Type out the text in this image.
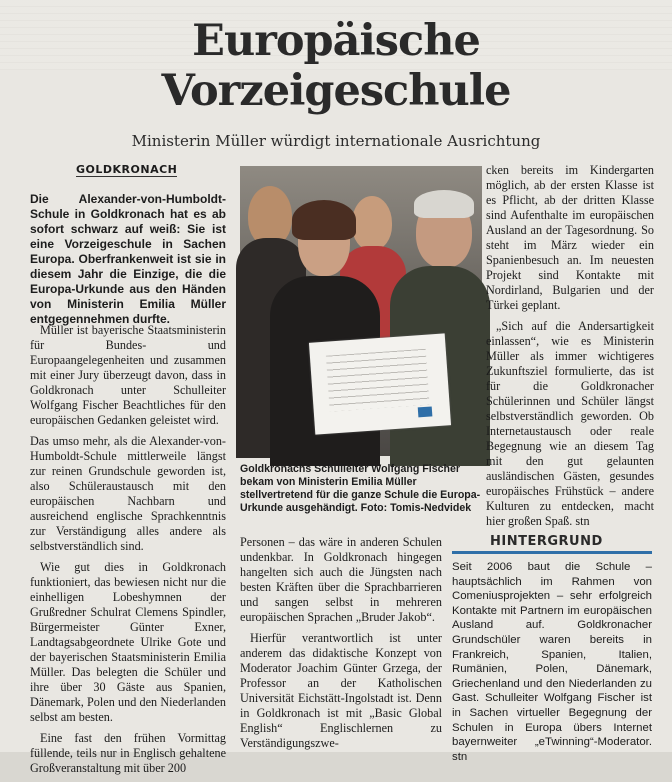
Europäische
Vorzeigeschule
Ministerin Müller würdigt internationale Ausrichtung
GOLDKRONACH
Die Alexander-von-Humboldt-Schule in Goldkronach hat es ab sofort schwarz auf weiß: Sie ist eine Vorzeigeschule in Sachen Europa. Oberfrankenweit ist sie in diesem Jahr die Einzige, die die Europa-Urkunde aus den Händen von Ministerin Emilia Müller entgegennehmen durfte.

Müller ist bayerische Staatsministerin für Bundes- und Europaangelegenheiten und zusammen mit einer Jury überzeugt davon, dass in Goldkronach unter Schulleiter Wolfgang Fischer Beachtliches für den europäischen Gedanken geleistet wird.

Das umso mehr, als die Alexander-von-Humboldt-Schule mittlerweile längst zur reinen Grundschule geworden ist, also Schüleraustausch mit den europäischen Nachbarn und ausreichend englische Sprachkenntnis zur Verständigung alles andere als selbstverständlich sind.

Wie gut dies in Goldkronach funktioniert, das bewiesen nicht nur die einhelligen Lobeshymnen der Grußredner Schulrat Clemens Spindler, Bürgermeister Günter Exner, Landtagsabgeordnete Ulrike Gote und der bayerischen Staatsministerin Emilia Müller. Das belegten die Schüler und ihre über 30 Gäste aus Spanien, Dänemark, Polen und den Niederlanden selbst am besten.

Eine fast den frühen Vormittag füllende, teils nur in Englisch gehaltene Großveranstaltung mit über 200

Goldkronachs Schulleiter Wolfgang Fischer bekam von Ministerin Emilia Müller stellvertretend für die ganze Schule die Europa-Urkunde ausgehändigt. Foto: Tomis-Nedvidek

Personen – das wäre in anderen Schulen undenkbar. In Goldkronach hingegen hangelten sich auch die Jüngsten nach besten Kräften über die Sprachbarrieren und sangen selbst in mehreren europäischen Sprachen „Bruder Jakob“.

Hierfür verantwortlich ist unter anderem das didaktische Konzept von Moderator Joachim Günter Grzega, der Professor an der Katholischen Universität Eichstätt-Ingolstadt ist. Denn in Goldkronach ist mit „Basic Global English“ Englischlernen zu Verständigungszwe-

cken bereits im Kindergarten möglich, ab der ersten Klasse ist es Pflicht, ab der dritten Klasse sind Aufenthalte im europäischen Ausland an der Tagesordnung. So steht im März wieder ein Spanienbesuch an. Im neuesten Projekt sind Kontakte mit Nordirland, Bulgarien und der Türkei geplant.

„Sich auf die Andersartigkeit einlassen“, wie es Ministerin Müller als immer wichtigeres Zukunftsziel formulierte, das ist für die Goldkronacher Schülerinnen und Schüler längst selbstverständlich geworden. Ob Internetaustausch oder reale Begegnung wie an diesem Tag mit den gut gelaunten ausländischen Gästen, gesundes europäisches Frühstück – andere Kulturen zu entdecken, macht hier großen Spaß. stn

HINTERGRUND
Seit 2006 baut die Schule – hauptsächlich im Rahmen von Comeniusprojekten – sehr erfolgreich Kontakte mit Partnern im europäischen Ausland auf. Goldkronacher Grundschüler waren bereits in Frankreich, Spanien, Italien, Rumänien, Polen, Dänemark, Griechenland und den Niederlanden zu Gast. Schulleiter Wolfgang Fischer ist in Sachen virtueller Begegnung der Schulen in Europa übers Internet bayernweiter „eTwinning“-Moderator. stn
